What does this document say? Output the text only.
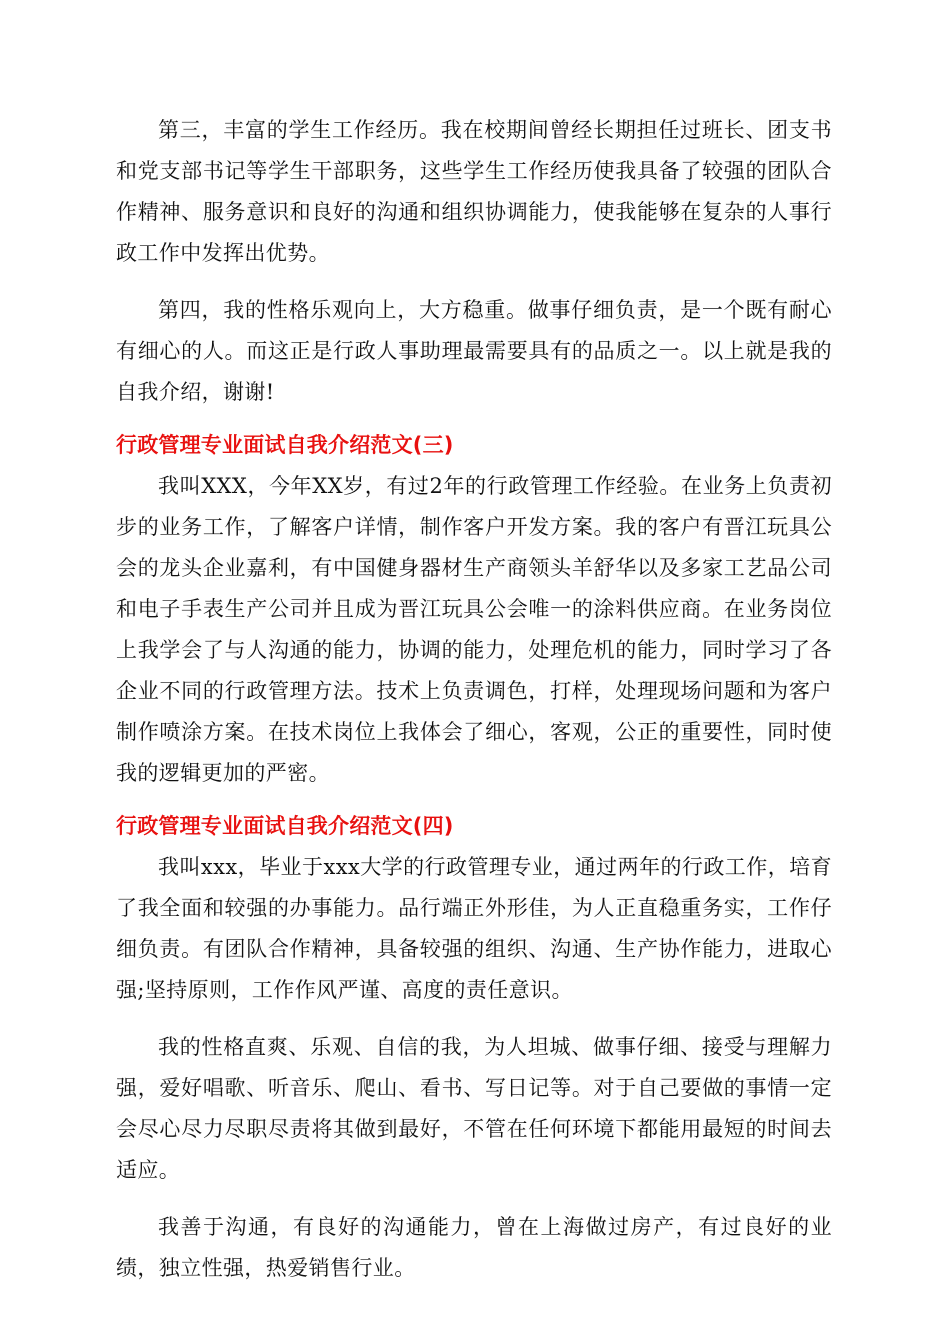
第三，丰富的学生工作经历。我在校期间曾经长期担任过班长、团支书和党支部书记等学生干部职务，这些学生工作经历使我具备了较强的团队合作精神、服务意识和良好的沟通和组织协调能力，使我能够在复杂的人事行政工作中发挥出优势。

第四，我的性格乐观向上，大方稳重。做事仔细负责，是一个既有耐心有细心的人。而这正是行政人事助理最需要具有的品质之一。以上就是我的自我介绍，谢谢!

行政管理专业面试自我介绍范文(三)

我叫XXX，今年XX岁，有过2年的行政管理工作经验。在业务上负责初步的业务工作，了解客户详情，制作客户开发方案。我的客户有晋江玩具公会的龙头企业嘉利，有中国健身器材生产商领头羊舒华以及多家工艺品公司和电子手表生产公司并且成为晋江玩具公会唯一的涂料供应商。在业务岗位上我学会了与人沟通的能力，协调的能力，处理危机的能力，同时学习了各企业不同的行政管理方法。技术上负责调色，打样，处理现场问题和为客户制作喷涂方案。在技术岗位上我体会了细心，客观，公正的重要性，同时使我的逻辑更加的严密。

行政管理专业面试自我介绍范文(四)

我叫xxx，毕业于xxx大学的行政管理专业，通过两年的行政工作，培育了我全面和较强的办事能力。品行端正外形佳，为人正直稳重务实，工作仔细负责。有团队合作精神，具备较强的组织、沟通、生产协作能力，进取心强;坚持原则，工作作风严谨、高度的责任意识。

我的性格直爽、乐观、自信的我，为人坦城、做事仔细、接受与理解力强，爱好唱歌、听音乐、爬山、看书、写日记等。对于自己要做的事情一定会尽心尽力尽职尽责将其做到最好，不管在任何环境下都能用最短的时间去适应。

我善于沟通，有良好的沟通能力，曾在上海做过房产，有过良好的业绩，独立性强，热爱销售行业。
